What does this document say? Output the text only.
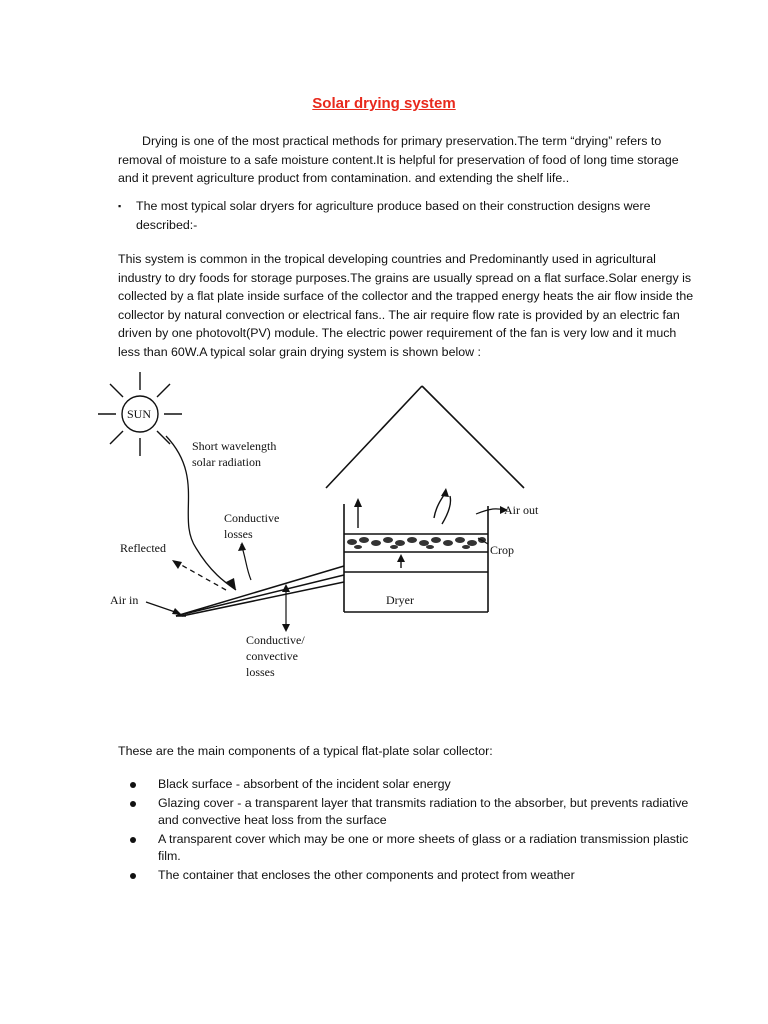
Solar drying system
Drying is one of the most practical methods for primary preservation.The term “drying” refers to removal of moisture to a safe moisture content.It is helpful for preservation of food of long time storage and it prevent agriculture product from contamination. and extending the shelf life..
▪ The most typical solar dryers for agriculture produce based on their construction designs were described:-
This system is common in the tropical developing countries and Predominantly used in agricultural industry to dry foods for storage purposes.The grains are usually spread on a flat surface.Solar energy is collected by a flat plate inside surface of the collector and the trapped energy heats the air flow inside the collector by natural convection or electrical fans.. The air require flow rate is provided by an electric fan driven by one photovolt(PV) module. The electric power requirement of the fan is very low and it much less than 60W.A typical solar grain drying system is shown below :
SUN
Short wavelength
solar radiation
Conductive
losses
Reflected
Air in
Conductive/
convective
losses
Air out
Crop
Dryer
These are the main components of a typical flat-plate solar collector:
Black surface - absorbent of the incident solar energy
Glazing cover - a transparent layer that transmits radiation to the absorber, but prevents radiative and convective heat loss from the surface
A transparent cover which may be one or more sheets of glass or a radiation transmission plastic film.
The container that encloses the other components and protect from weather
